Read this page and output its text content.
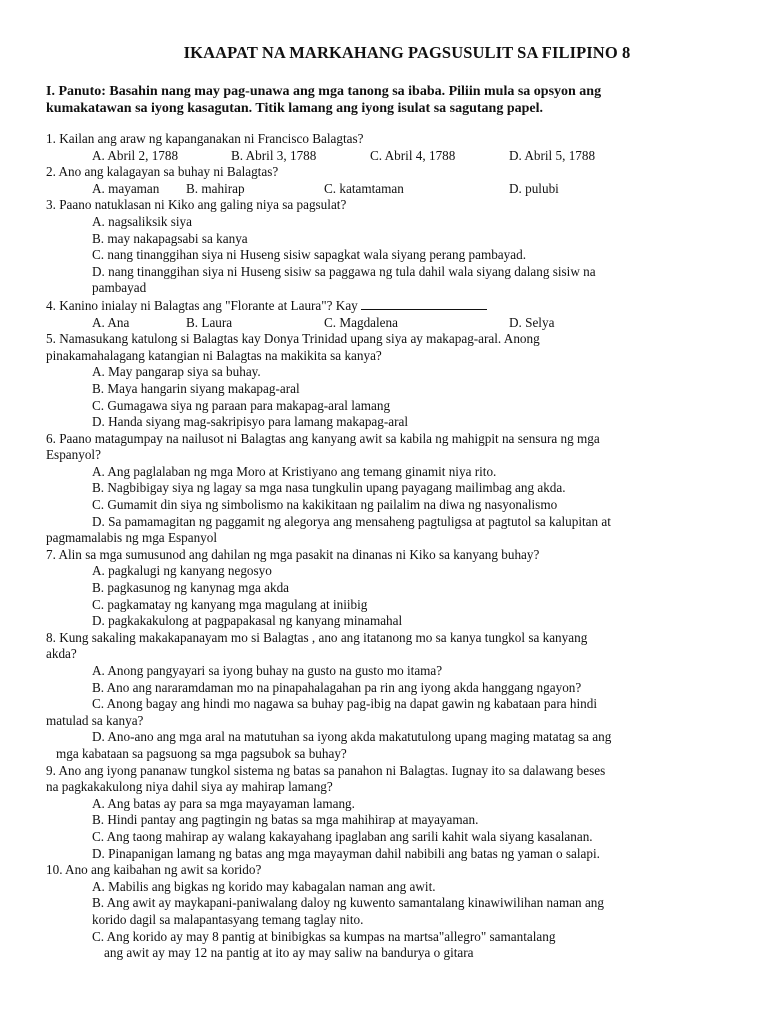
IKAAPAT NA MARKAHANG PAGSUSULIT SA FILIPINO 8

I. Panuto: Basahin nang may pag-unawa ang mga tanong sa ibaba. Piliin mula sa opsyon ang kumakatawan sa iyong kasagutan. Titik lamang ang iyong isulat sa sagutang papel.

1. Kailan ang araw ng kapanganakan ni Francisco Balagtas?

A. Abril 2, 1788	B. Abril 3, 1788	C. Abril 4, 1788	D. Abril 5, 1788

2. Ano ang kalagayan sa buhay ni Balagtas?

A. mayaman	B. mahirap	C. katamtaman	D. pulubi

3. Paano natuklasan ni Kiko ang galing niya sa pagsulat?

A. nagsaliksik siya

B. may nakapagsabi sa kanya

C. nang tinanggihan siya ni Huseng sisiw sapagkat wala siyang perang pambayad.

D. nang tinanggihan siya ni Huseng sisiw sa paggawa ng tula dahil wala siyang dalang sisiw na

pambayad

4. Kanino inialay ni Balagtas ang "Florante at Laura"? Kay

A. Ana	B. Laura	C. Magdalena	D. Selya

5. Namasukang katulong si Balagtas kay Donya Trinidad upang siya ay makapag-aral. Anong

pinakamahalagang katangian ni Balagtas na makikita sa kanya?

A. May pangarap siya sa buhay.

B. Maya hangarin siyang makapag-aral

C. Gumagawa siya ng paraan para makapag-aral lamang

D. Handa siyang mag-sakripisyo para lamang makapag-aral

6. Paano matagumpay na nailusot ni Balagtas ang kanyang awit sa kabila ng mahigpit na sensura ng mga

Espanyol?

A. Ang paglalaban ng mga Moro at Kristiyano ang temang ginamit niya rito.

B. Nagbibigay siya ng lagay sa mga nasa tungkulin upang payagang mailimbag ang akda.

C. Gumamit din siya ng simbolismo na kakikitaan ng pailalim na diwa ng nasyonalismo

D. Sa pamamagitan ng paggamit ng alegorya ang mensaheng pagtuligsa at pagtutol sa kalupitan at

pagmamalabis ng mga Espanyol

7. Alin sa mga sumusunod ang dahilan ng mga pasakit na dinanas ni Kiko sa kanyang buhay?

A. pagkalugi ng kanyang negosyo

B. pagkasunog ng kanynag mga akda

C. pagkamatay ng kanyang mga magulang at iniibig

D. pagkakakulong at pagpapakasal ng kanyang minamahal

8. Kung sakaling makakapanayam mo si Balagtas , ano ang itatanong mo sa kanya tungkol sa kanyang

akda?

A. Anong pangyayari sa iyong buhay na gusto na gusto mo itama?

B. Ano ang nararamdaman mo na pinapahalagahan pa rin ang iyong akda hanggang ngayon?

C. Anong bagay ang hindi mo nagawa sa buhay pag-ibig na dapat gawin ng kabataan para hindi

matulad sa kanya?

D. Ano-ano ang mga aral na matutuhan sa iyong akda makatutulong upang maging matatag sa ang

mga kabataan sa pagsuong sa mga pagsubok sa buhay?

9. Ano ang iyong pananaw tungkol sistema ng batas sa panahon ni Balagtas. Iugnay ito sa dalawang beses

na pagkakakulong niya dahil siya ay mahirap lamang?

A. Ang batas ay para sa mga mayayaman lamang.

B. Hindi pantay ang pagtingin ng batas sa mga mahihirap at mayayaman.

C. Ang taong mahirap ay walang kakayahang ipaglaban ang sarili kahit wala siyang kasalanan.

D. Pinapanigan lamang ng batas ang mga mayayman dahil nabibili ang batas ng yaman o salapi.

10. Ano ang kaibahan ng awit sa korido?

A. Mabilis ang bigkas ng korido may kabagalan naman ang awit.

B. Ang awit ay maykapani-paniwalang daloy ng kuwento samantalang kinawiwilihan naman ang

korido dagil sa malapantasyang temang taglay nito.

C. Ang korido ay may 8 pantig at binibigkas sa kumpas na martsa"allegro" samantalang

ang awit ay may 12 na pantig at ito ay may saliw na bandurya o gitara
